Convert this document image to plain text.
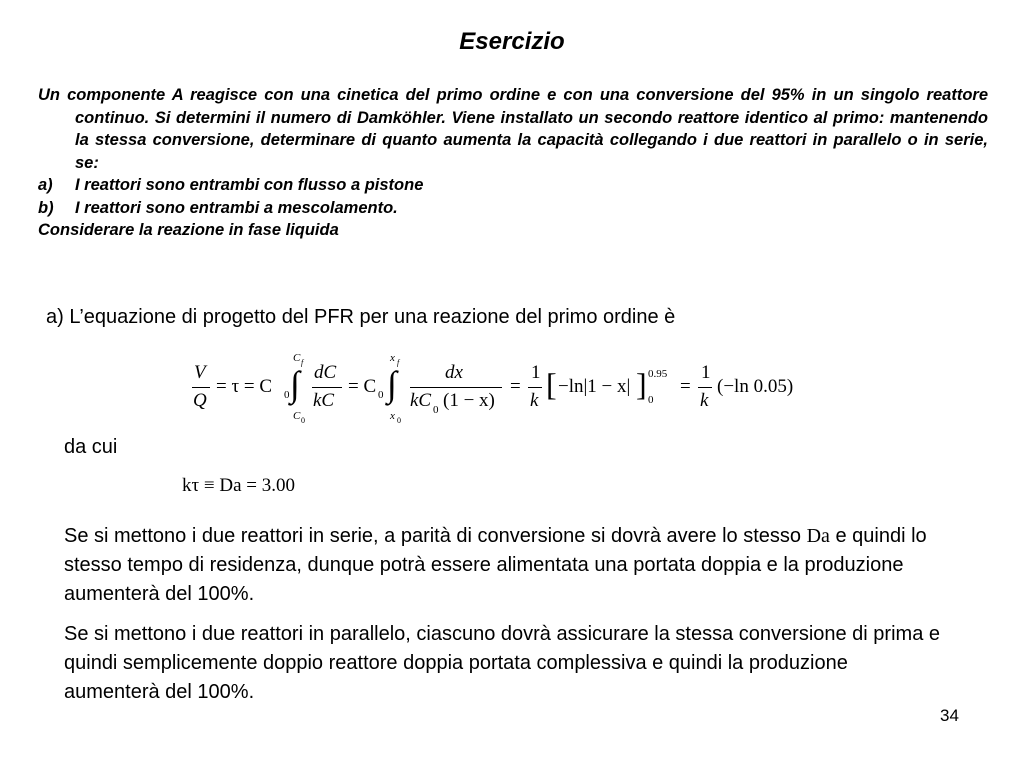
Esercizio

Un componente A reagisce con una cinetica del primo ordine e con una conversione del 95% in un singolo reattore continuo. Si determini il numero di Damköhler. Viene installato un secondo reattore identico al primo: mantenendo la stessa conversione, determinare di quanto aumenta la capacità collegando i due reattori in parallelo o in serie, se:

a) I reattori sono entrambi con flusso a pistone

b) I reattori sono entrambi a mescolamento.

Considerare la reazione in fase liquida

a) L’equazione di progetto del PFR per una reazione del primo ordine è
V
Q
= τ = C 0
C f
∫
C 0
dC
kC
= C 0
x f
∫
x 0
dx
kC 0 (1 − x)
=
1
k [ −ln|1 − x| ] 0.95
0
=
1
k
(−ln 0.05)
da cui
kτ ≡ Da = 3.00

Se si mettono i due reattori in serie, a parità di conversione si dovrà avere lo stesso Da e quindi lo stesso tempo di residenza, dunque potrà essere alimentata una portata doppia e la produzione aumenterà del 100%.

Se si mettono i due reattori in parallelo, ciascuno dovrà assicurare la stessa conversione di prima e quindi semplicemente doppio reattore doppia portata complessiva e quindi la produzione aumenterà del 100%.

34
